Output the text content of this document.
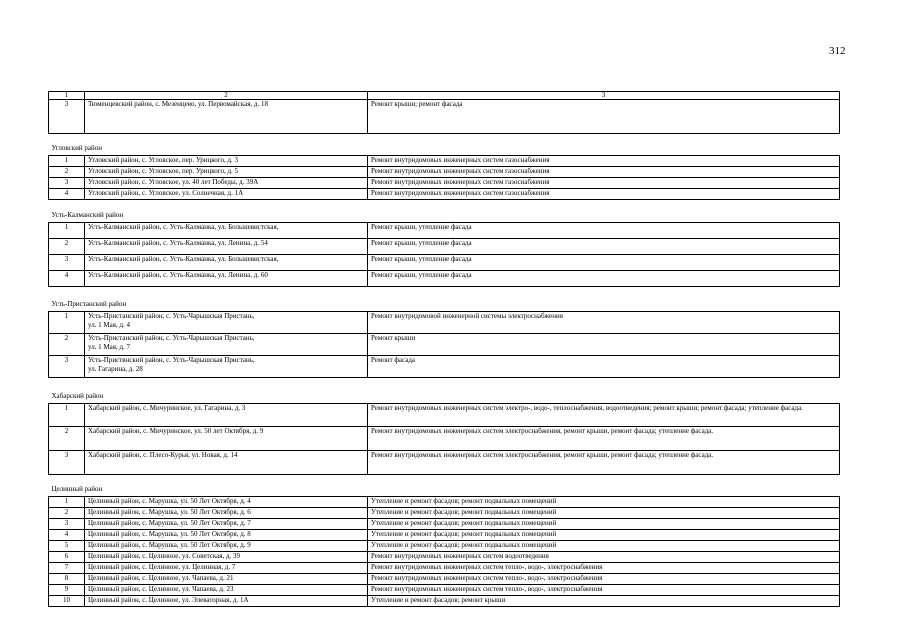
312
1	2	3
3	Тюменцевский район, с. Мезенцево, ул. Первомайская, д. 18	Ремонт крыши; ремонт фасада

Угловский район		
1	Угловский район, с. Угловское, пер. Урицкого, д. 3	Ремонт внутридомовых инженерных систем газоснабжения
2	Угловский район, с. Угловское, пер. Урицкого, д. 5	Ремонт внутридомовых инженерных систем газоснабжения
3	Угловский район, с. Угловское, ул. 40 лет Победы, д. 39А	Ремонт внутридомовых инженерных систем газоснабжения
4	Угловский район, с. Угловское, ул. Солнечная, д. 1А	Ремонт внутридомовых инженерных систем газоснабжения

Усть-Калманский район		
1	Усть-Калманский район, с. Усть-Калманка, ул. Большевистская,	Ремонт крыши, утепление фасада
2	Усть-Калманский район, с. Усть-Калманка, ул. Ленина, д. 54	Ремонт крыши, утепление фасада
3	Усть-Калманский район, с. Усть-Калманка, ул. Большевистская,	Ремонт крыши, утепление фасада
4	Усть-Калманский район, с. Усть-Калманка, ул. Ленина, д. 60	Ремонт крыши, утепление фасада

Усть-Пристанский район		
1	Усть-Пристанский район, с. Усть-Чарышская Пристань,
ул. 1 Мая, д. 4	Ремонт внутридомовой инженерной системы электроснабжения
2	Усть-Пристанский район, с. Усть-Чарышская Пристань,
ул. 1 Мая, д. 7	Ремонт крыши
3	Усть-Приствнский район, с. Усть-Чарышская Пристань,
ул. Гагарина, д. 28	Ремонт фасада

Хабарский район		
1	Хабарский район, с. Мичуринское, ул. Гагарина, д. 3	Ремонт внутридомовых инженерных систем электро-, водо-, теплоснабжения, водоотведения; ремонт крыши; ремонт фасада; утепление фасада.
2	Хабарский район, с. Мичуринское, ул. 50 лет Октября, д. 9	Ремонт внутридомовых инженерных систем электроснабжения, ремонт крыши, ремонт фасада; утепление фасада.
3	Хабарский район, с. Плесо-Курья, ул. Новая, д. 14	Ремонт внутридомовых инженерных систем электроснабжения, ремонт крыши, ремонт фасада; утепление фасада.

Целинный район		
1	Целинный район, с. Марушка, ул. 50 Лет Октября, д. 4	Утепление и ремонт фасадов; ремонт подвальных помещений
2	Целинный район, с. Марушка, ул. 50 Лет Октября, д. 6	Утепление и ремонт фасадов; ремонт подвальных помещений
3	Целинный район, с. Марушка, ул. 50 Лет Октября, д. 7	Утепление и ремонт фасадов; ремонт подвальных помещений
4	Целинный район, с. Марушка, ул. 50 Лет Октября, д. 8	Утепление и ремонт фасадов; ремонт подвальных помещений
5	Целинный район, с. Марушка, ул. 50 Лет Октября, д. 9	Утепление и ремонт фасадов; ремонт подвальных помещений
6	Целинный район, с. Целинное, ул. Советская, д. 39	Ремонт внутридомовых инженерных систем водоотведения
7	Целинный район, с. Целинное, ул. Целинная, д. 7	Ремонт внутридомовых инженерных систем тепло-, водо-, электроснабжения
8	Целинный район, с. Целинное, ул. Чапаева, д. 21	Ремонт внутридомовых инженерных систем тепло-, водо-, электроснабжения
9	Целинный район, с. Целинное, ул. Чапаева, д. 23	Ремонт внутридомовых инженерных систем тепло-, водо-, электроснабжения
10	Целинный район, с. Целинное, ул. Элеваторная, д. 1А	Утепление и ремонт фасадов; ремонт крыши
